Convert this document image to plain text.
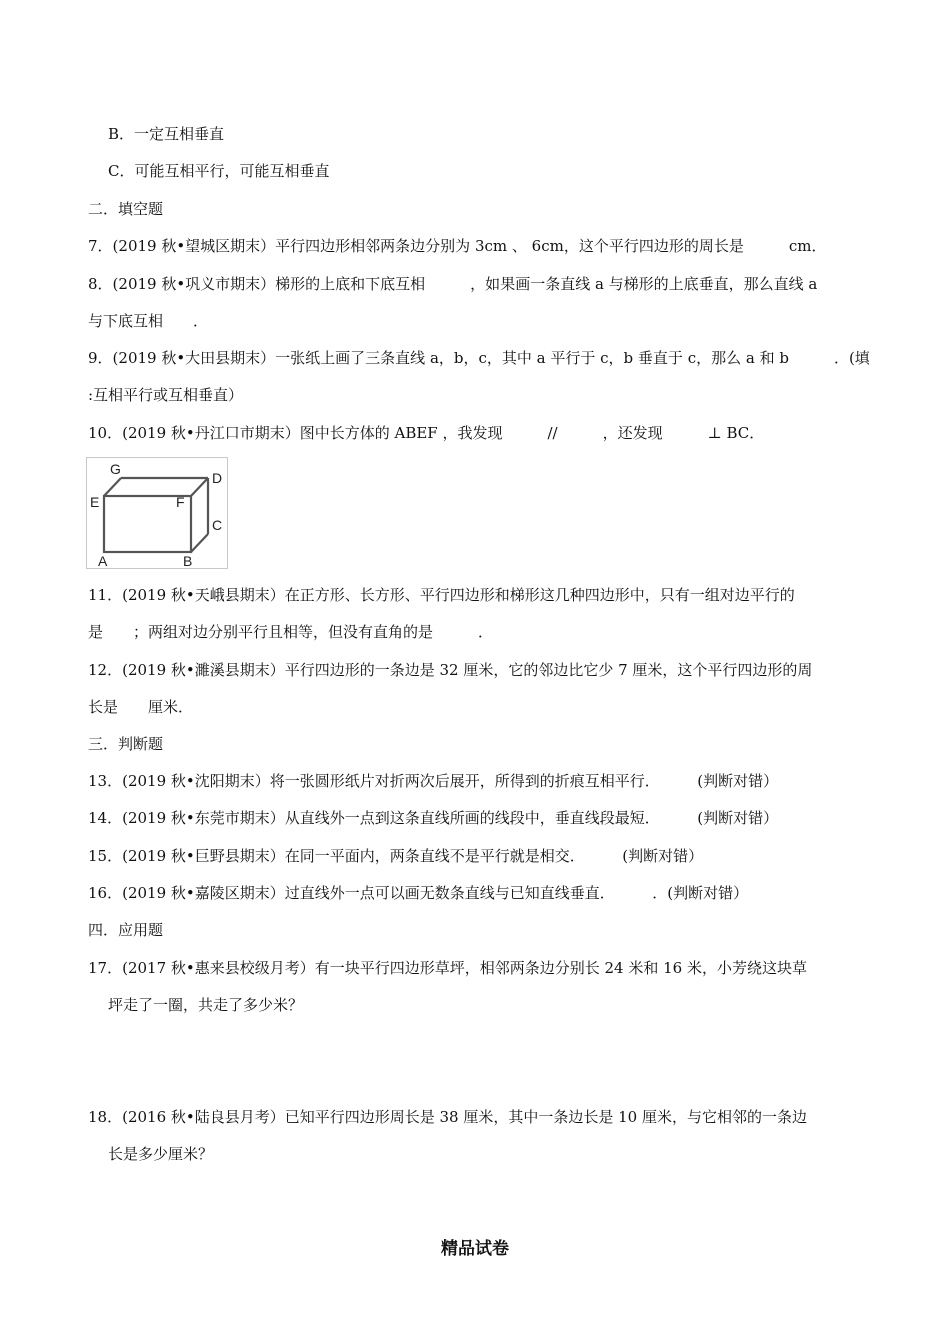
B．一定互相垂直
C．可能互相平行，可能互相垂直
二．填空题
7．(2019 秋•望城区期末）平行四边形相邻两条边分别为 3cm 、 6cm，这个平行四边形的周长是　　　cm．
8．(2019 秋•巩义市期末）梯形的上底和下底互相　　　，如果画一条直线 a 与梯形的上底垂直，那么直线 a
与下底互相　　．
9．(2019 秋•大田县期末）一张纸上画了三条直线 a，b，c，其中 a 平行于 c，b 垂直于 c，那么 a 和 b　　　．(填
:互相平行或互相垂直）
10．(2019 秋•丹江口市期末）图中长方体的 ABEF ，我发现　　　//　　　，还发现　　　⊥ BC．
G
D
E	F
C
A	B
11．(2019 秋•天峨县期末）在正方形、长方形、平行四边形和梯形这几种四边形中，只有一组对边平行的
是　　；两组对边分别平行且相等，但没有直角的是　　　．
12．(2019 秋•濉溪县期末）平行四边形的一条边是 32 厘米，它的邻边比它少 7 厘米，这个平行四边形的周
长是　　厘米．
三．判断题
13．(2019 秋•沈阳期末）将一张圆形纸片对折两次后展开，所得到的折痕互相平行．　　　(判断对错）
14．(2019 秋•东莞市期末）从直线外一点到这条直线所画的线段中，垂直线段最短．　　　(判断对错）
15．(2019 秋•巨野县期末）在同一平面内，两条直线不是平行就是相交．　　　(判断对错）
16．(2019 秋•嘉陵区期末）过直线外一点可以画无数条直线与已知直线垂直．　　　．(判断对错）
四．应用题
17．(2017 秋•惠来县校级月考）有一块平行四边形草坪，相邻两条边分别长 24 米和 16 米，小芳绕这块草
坪走了一圈，共走了多少米？
18．(2016 秋•陆良县月考）已知平行四边形周长是 38 厘米，其中一条边长是 10 厘米，与它相邻的一条边
长是多少厘米？
精品试卷
